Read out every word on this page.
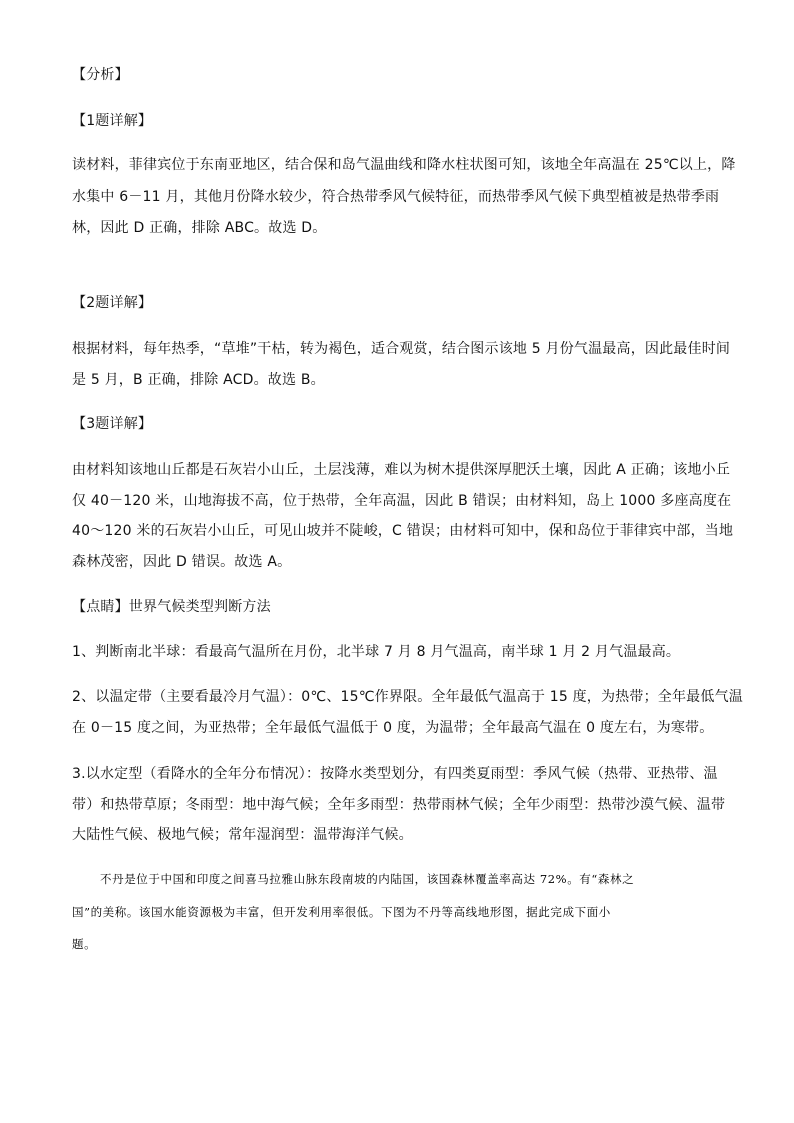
【分析】
【1题详解】
读材料，菲律宾位于东南亚地区，结合保和岛气温曲线和降水柱状图可知，该地全年高温在 25℃以上，降
水集中 6－11 月，其他月份降水较少，符合热带季风气候特征，而热带季风气候下典型植被是热带季雨
林，因此 D 正确，排除 ABC。故选 D。
【2题详解】
根据材料，每年热季，“草堆”干枯，转为褐色，适合观赏，结合图示该地 5 月份气温最高，因此最佳时间
是 5 月，B 正确，排除 ACD。故选 B。
【3题详解】
由材料知该地山丘都是石灰岩小山丘，土层浅薄，难以为树木提供深厚肥沃土壤，因此 A 正确；该地小丘
仅 40－120 米，山地海拔不高，位于热带，全年高温，因此 B 错误；由材料知，岛上 1000 多座高度在
40～120 米的石灰岩小山丘，可见山坡并不陡峻，C 错误；由材料可知中，保和岛位于菲律宾中部，当地
森林茂密，因此 D 错误。故选 A。
【点睛】世界气候类型判断方法
1、判断南北半球：看最高气温所在月份，北半球 7 月 8 月气温高，南半球 1 月 2 月气温最高。
2、以温定带（主要看最冷月气温）：0℃、15℃作界限。全年最低气温高于 15 度，为热带；全年最低气温
在 0－15 度之间，为亚热带；全年最低气温低于 0 度，为温带；全年最高气温在 0 度左右，为寒带。
3.以水定型（看降水的全年分布情况）：按降水类型划分，有四类夏雨型：季风气候（热带、亚热带、温
带）和热带草原；冬雨型：地中海气候；全年多雨型：热带雨林气候；全年少雨型：热带沙漠气候、温带
大陆性气候、极地气候；常年湿润型：温带海洋气候。
不丹是位于中国和印度之间喜马拉雅山脉东段南坡的内陆国，该国森林覆盖率高达 72%。有“森林之
国”的美称。该国水能资源极为丰富，但开发利用率很低。下图为不丹等高线地形图，据此完成下面小
题。
